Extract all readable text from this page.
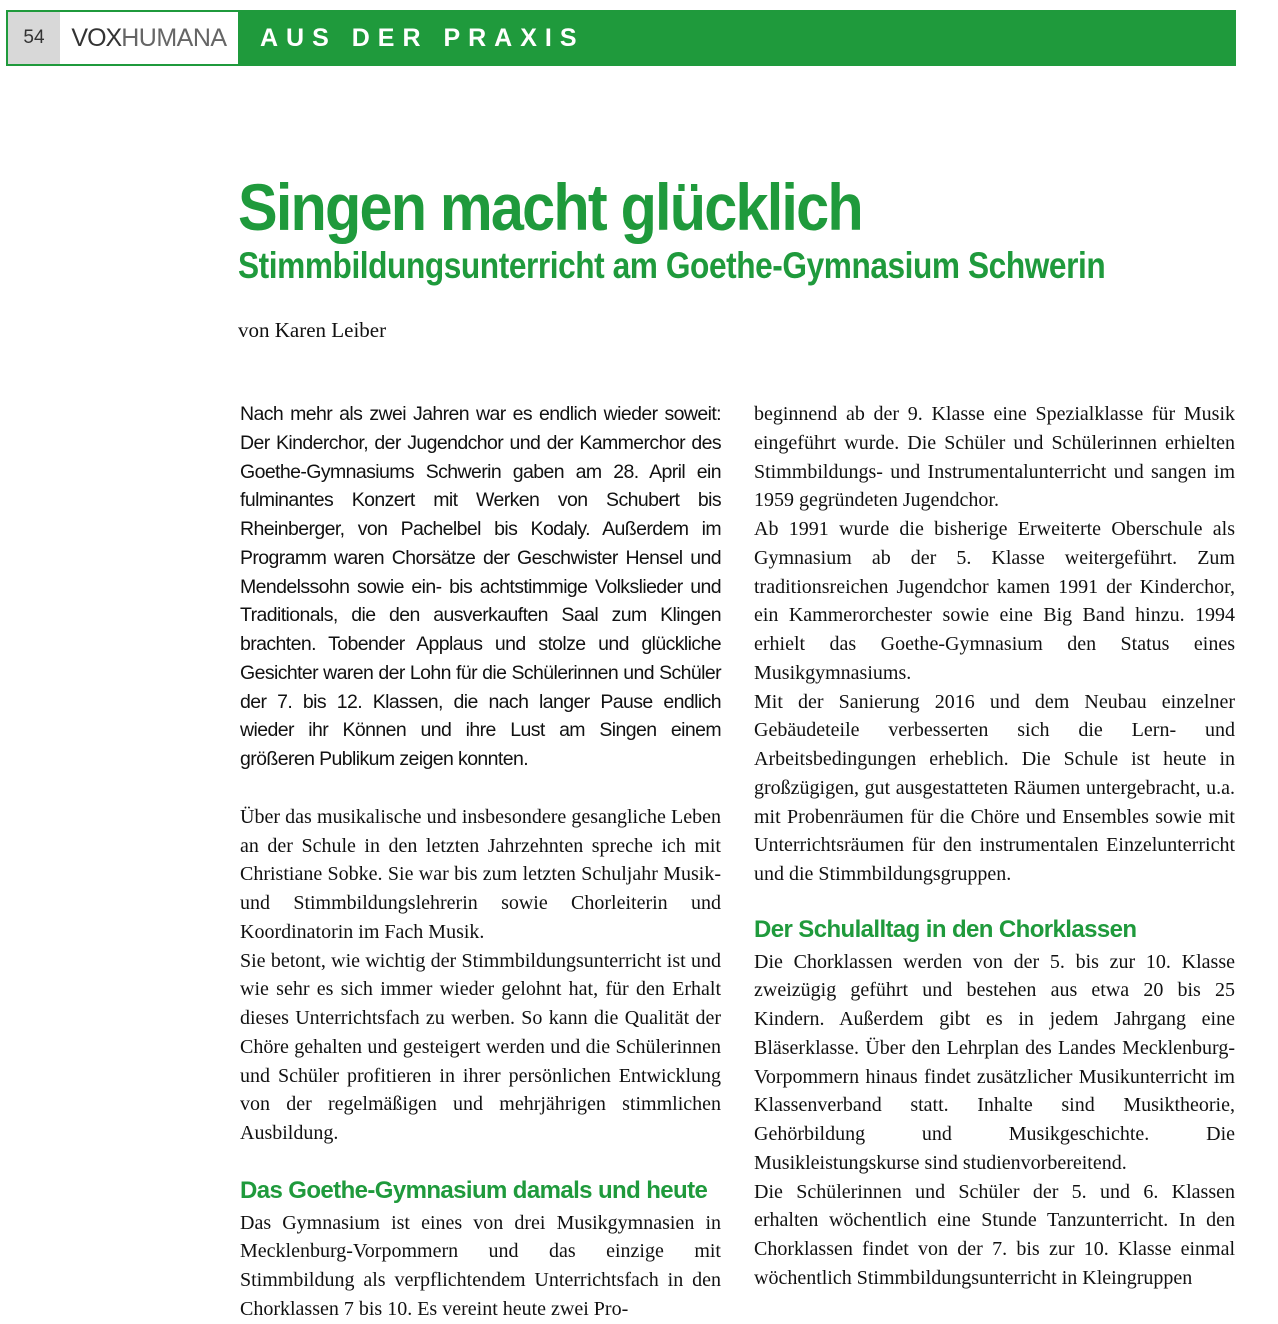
54	VOXHUMANA	AUS DER PRAXIS
Singen macht glücklich
Stimmbildungsunterricht am Goethe-Gymnasium Schwerin

von Karen Leiber

Nach mehr als zwei Jahren war es endlich wieder soweit: Der Kinderchor, der Jugendchor und der Kammerchor des Goethe-Gymnasiums Schwerin gaben am 28. April ein fulminantes Konzert mit Werken von Schubert bis Rheinberger, von Pachelbel bis Kodaly. Außerdem im Programm waren Chorsätze der Geschwister Hensel und Mendelssohn sowie ein- bis achtstimmige Volkslieder und Traditionals, die den ausverkauften Saal zum Klingen brachten. Tobender Applaus und stolze und glückliche Gesichter waren der Lohn für die Schülerinnen und Schüler der 7. bis 12. Klassen, die nach langer Pause endlich wieder ihr Können und ihre Lust am Singen einem größeren Publikum zeigen konnten.

Über das musikalische und insbesondere gesangliche Leben an der Schule in den letzten Jahrzehnten spreche ich mit Christiane Sobke. Sie war bis zum letzten Schuljahr Musik- und Stimmbildungslehrerin sowie Chorleiterin und Koordinatorin im Fach Musik.

Sie betont, wie wichtig der Stimmbildungsunterricht ist und wie sehr es sich immer wieder gelohnt hat, für den Erhalt dieses Unterrichtsfach zu werben. So kann die Qualität der Chöre gehalten und gesteigert werden und die Schülerinnen und Schüler profitieren in ihrer persönlichen Entwicklung von der regelmäßigen und mehrjährigen stimmlichen Ausbildung.

Das Goethe-Gymnasium damals und heute

Das Gymnasium ist eines von drei Musikgymnasien in Mecklenburg-Vorpommern und das einzige mit Stimmbildung als verpflichtendem Unterrichtsfach in den Chorklassen 7 bis 10. Es vereint heute zwei Pro-

beginnend ab der 9. Klasse eine Spezialklasse für Musik eingeführt wurde. Die Schüler und Schülerinnen erhielten Stimmbildungs- und Instrumentalunterricht und sangen im 1959 gegründeten Jugendchor.

Ab 1991 wurde die bisherige Erweiterte Oberschule als Gymnasium ab der 5. Klasse weitergeführt. Zum traditionsreichen Jugendchor kamen 1991 der Kinderchor, ein Kammerorchester sowie eine Big Band hinzu. 1994 erhielt das Goethe-Gymnasium den Status eines Musikgymnasiums.

Mit der Sanierung 2016 und dem Neubau einzelner Gebäudeteile verbesserten sich die Lern- und Arbeitsbedingungen erheblich. Die Schule ist heute in großzügigen, gut ausgestatteten Räumen untergebracht, u.a. mit Probenräumen für die Chöre und Ensembles sowie mit Unterrichtsräumen für den instrumentalen Einzelunterricht und die Stimmbildungsgruppen.

Der Schulalltag in den Chorklassen

Die Chorklassen werden von der 5. bis zur 10. Klasse zweizügig geführt und bestehen aus etwa 20 bis 25 Kindern. Außerdem gibt es in jedem Jahrgang eine Bläserklasse. Über den Lehrplan des Landes Mecklenburg-Vorpommern hinaus findet zusätzlicher Musikunterricht im Klassenverband statt. Inhalte sind Musiktheorie, Gehörbildung und Musikgeschichte. Die Musikleistungskurse sind studienvorbereitend.

Die Schülerinnen und Schüler der 5. und 6. Klassen erhalten wöchentlich eine Stunde Tanzunterricht. In den Chorklassen findet von der 7. bis zur 10. Klasse einmal wöchentlich Stimmbildungsunterricht in Kleingruppen
